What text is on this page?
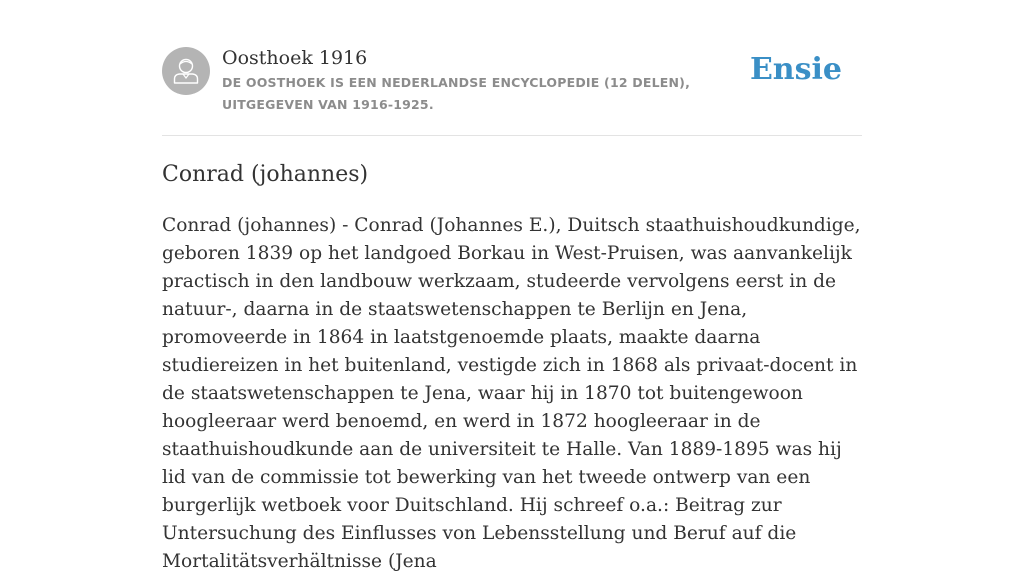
Oosthoek 1916
DE OOSTHOEK IS EEN NEDERLANDSE ENCYCLOPEDIE (12 DELEN), UITGEGEVEN VAN 1916-1925.
Ensie
Conrad (johannes)

Conrad (johannes) - Conrad (Johannes E.), Duitsch staathuishoudkundige, geboren 1839 op het landgoed Borkau in West-Pruisen, was aanvankelijk practisch in den landbouw werkzaam, studeerde vervolgens eerst in de natuur-, daarna in de staatswetenschappen te Berlijn en Jena, promoveerde in 1864 in laatstgenoemde plaats, maakte daarna studiereizen in het buitenland, vestigde zich in 1868 als privaat-docent in de staatswetenschappen te Jena, waar hij in 1870 tot buitengewoon hoogleeraar werd benoemd, en werd in 1872 hoogleeraar in de staathuishoudkunde aan de universiteit te Halle. Van 1889-1895 was hij lid van de commissie tot bewerking van het tweede ontwerp van een burgerlijk wetboek voor Duitschland. Hij schreef o.a.: Beitrag zur Untersuchung des Einflusses von Lebensstellung und Beruf auf die Mortalitätsverhältnisse (Jena
